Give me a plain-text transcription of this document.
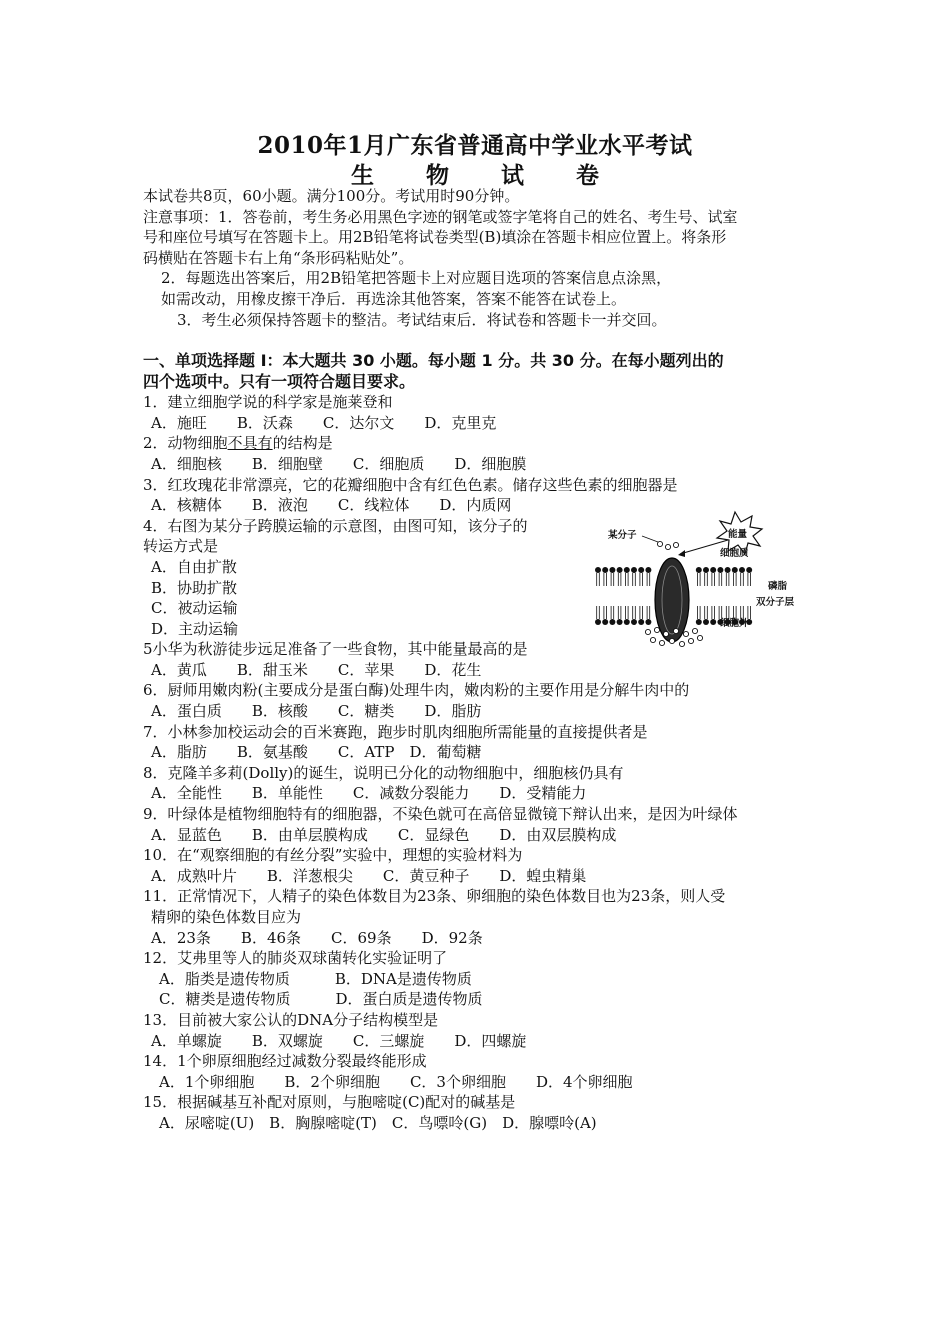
2010年1月广东省普通高中学业水平考试
生 物 试 卷
本试卷共8页，60小题。满分100分。考试用时90分钟。
注意事项：1．答卷前，考生务必用黑色字迹的钢笔或签字笔将自己的姓名、考生号、试室
号和座位号填写在答题卡上。用2B铅笔将试卷类型(B)填涂在答题卡相应位置上。将条形
码横贴在答题卡右上角“条形码粘贴处”。
2．每题选出答案后，用2B铅笔把答题卡上对应题目选项的答案信息点涂黑，
如需改动，用橡皮擦干净后．再选涂其他答案，答案不能答在试卷上。
3．考生必须保持答题卡的整洁。考试结束后．将试卷和答题卡一并交回。
一、单项选择题 I：本大题共 30 小题。每小题 1 分。共 30 分。在每小题列出的
四个选项中。只有一项符合题目要求。
1．建立细胞学说的科学家是施莱登和
A．施旺　　B．沃森　　C．达尔文　　D．克里克
2．动物细胞不具有的结构是
A．细胞核　　B．细胞壁　　C．细胞质　　D．细胞膜
3．红玫瑰花非常漂亮，它的花瓣细胞中含有红色色素。储存这些色素的细胞器是
A．核糖体　　B．液泡　　C．线粒体　　D．内质网
4．右图为某分子跨膜运输的示意图，由图可知，该分子的
转运方式是
A．自由扩散
B．协助扩散
C．被动运输
D．主动运输
5小华为秋游徒步远足准备了一些食物，其中能量最高的是
A．黄瓜　　B．甜玉米　　C．苹果　　D．花生
6．厨师用嫩肉粉(主要成分是蛋白酶)处理牛肉，嫩肉粉的主要作用是分解牛肉中的
A．蛋白质　　B．核酸　　C．糖类　　D．脂肪
7．小林参加校运动会的百米赛跑，跑步时肌肉细胞所需能量的直接提供者是
A．脂肪　　B．氨基酸　　C．ATP　D．葡萄糖
8．克隆羊多莉(Dolly)的诞生，说明已分化的动物细胞中，细胞核仍具有
A．全能性　　B．单能性　　C．减数分裂能力　　D．受精能力
9．叶绿体是植物细胞特有的细胞器，不染色就可在高倍显微镜下辩认出来，是因为叶绿体
A．显蓝色　　B．由单层膜构成　　C．显绿色　　D．由双层膜构成
10．在“观察细胞的有丝分裂”实验中，理想的实验材料为
A．成熟叶片　　B．洋葱根尖　　C．黄豆种子　　D．蝗虫精巢
11．正常情况下，人精子的染色体数目为23条、卵细胞的染色体数目也为23条，则人受
精卵的染色体数目应为
A．23条　　B．46条　　C．69条　　D．92条
12．艾弗里等人的肺炎双球菌转化实验证明了
A．脂类是遗传物质　　　B．DNA是遗传物质
C．糖类是遗传物质　　　D．蛋白质是遗传物质
13．目前被大家公认的DNA分子结构模型是
A．单螺旋　　B．双螺旋　　C．三螺旋　　D．四螺旋
14．1个卵原细胞经过减数分裂最终能形成
A．1个卵细胞　　B．2个卵细胞　　C．3个卵细胞　　D．4个卵细胞
15．根据碱基互补配对原则，与胞嘧啶(C)配对的碱基是
A．尿嘧啶(U)　B．胸腺嘧啶(T)　C．鸟嘌呤(G)　D．腺嘌呤(A)
能量
某分子
细胞质
磷脂
双分子层
细胞外
